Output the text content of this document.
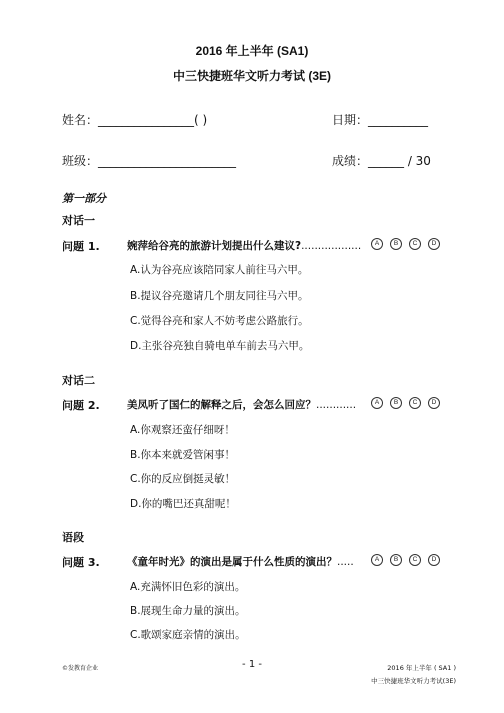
2016 年上半年 (SA1)
中三快捷班华文听力考试 (3E)
姓名：________________( )	日期：__________
班级：_______________________	成绩：______ / 30
第一部分
对话一
问题 1.	婉萍给谷亮的旅游计划提出什么建议?..................	A	B	C	D
A.认为谷亮应该陪同家人前往马六甲。
B.提议谷亮邀请几个朋友同往马六甲。
C.觉得谷亮和家人不妨考虑公路旅行。
D.主张谷亮独自骑电单车前去马六甲。
对话二
问题 2.	美凤听了国仁的解释之后，会怎么回应？............	A	B	C	D
A.你观察还蛮仔细呀！
B.你本来就爱管闲事！
C.你的反应倒挺灵敏！
D.你的嘴巴还真甜呢！
语段
问题 3.	《童年时光》的演出是属于什么性质的演出？.....	A	B	C	D
A.充满怀旧色彩的演出。
B.展现生命力量的演出。
C.歌颂家庭亲情的演出。
©发教育企业	- 1 -	2016 年上半年 ( SA1 )
中三快捷班华文听力考试(3E)
